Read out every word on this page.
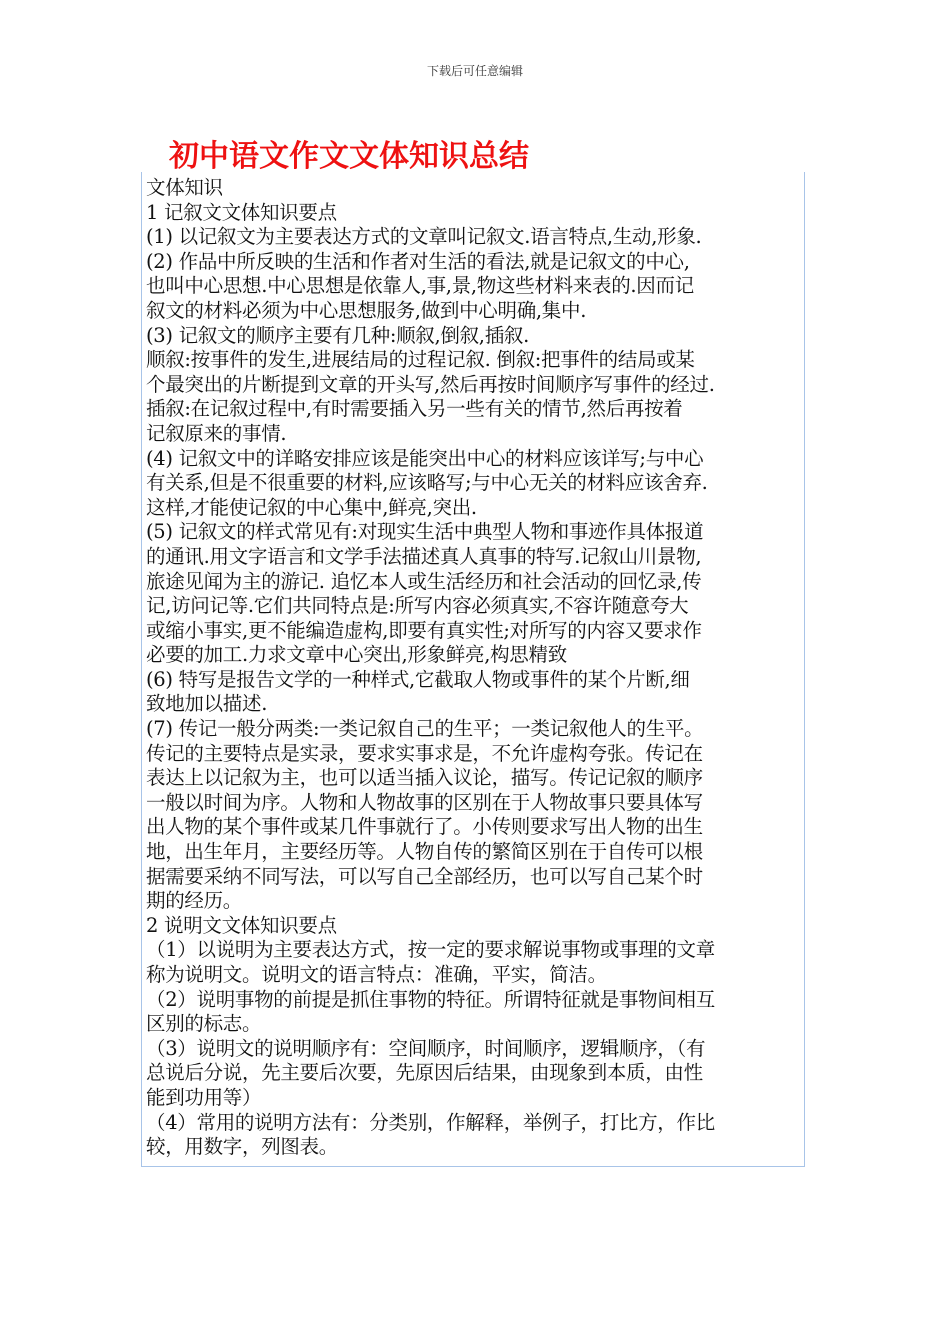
下载后可任意编辑
初中语文作文文体知识总结
文体知识
1 记叙文文体知识要点
(1) 以记叙文为主要表达方式的文章叫记叙文.语言特点,生动,形象.
(2) 作品中所反映的生活和作者对生活的看法,就是记叙文的中心,
也叫中心思想.中心思想是依靠人,事,景,物这些材料来表的.因而记
叙文的材料必须为中心思想服务,做到中心明确,集中.
(3) 记叙文的顺序主要有几种:顺叙,倒叙,插叙.
顺叙:按事件的发生,进展结局的过程记叙. 倒叙:把事件的结局或某
个最突出的片断提到文章的开头写,然后再按时间顺序写事件的经过.
插叙:在记叙过程中,有时需要插入另一些有关的情节,然后再按着
记叙原来的事情.
(4) 记叙文中的详略安排应该是能突出中心的材料应该详写;与中心
有关系,但是不很重要的材料,应该略写;与中心无关的材料应该舍弃.
这样,才能使记叙的中心集中,鲜亮,突出.
(5) 记叙文的样式常见有:对现实生活中典型人物和事迹作具体报道
的通讯.用文字语言和文学手法描述真人真事的特写.记叙山川景物,
旅途见闻为主的游记. 追忆本人或生活经历和社会活动的回忆录,传
记,访问记等.它们共同特点是:所写内容必须真实,不容许随意夸大
或缩小事实,更不能编造虚构,即要有真实性;对所写的内容又要求作
必要的加工.力求文章中心突出,形象鲜亮,构思精致
(6) 特写是报告文学的一种样式,它截取人物或事件的某个片断,细
致地加以描述.
(7) 传记一般分两类:一类记叙自己的生平；一类记叙他人的生平。
传记的主要特点是实录，要求实事求是，不允许虚构夸张。传记在
表达上以记叙为主，也可以适当插入议论，描写。传记记叙的顺序
一般以时间为序。人物和人物故事的区别在于人物故事只要具体写
出人物的某个事件或某几件事就行了。小传则要求写出人物的出生
地，出生年月，主要经历等。人物自传的繁简区别在于自传可以根
据需要采纳不同写法，可以写自己全部经历，也可以写自己某个时
期的经历。
2 说明文文体知识要点
（1）以说明为主要表达方式，按一定的要求解说事物或事理的文章
称为说明文。说明文的语言特点：准确，平实，简洁。
（2）说明事物的前提是抓住事物的特征。所谓特征就是事物间相互
区别的标志。
（3）说明文的说明顺序有：空间顺序，时间顺序，逻辑顺序，（有
总说后分说，先主要后次要，先原因后结果，由现象到本质，由性
能到功用等）
（4）常用的说明方法有：分类别，作解释，举例子，打比方，作比
较，用数字，列图表。
